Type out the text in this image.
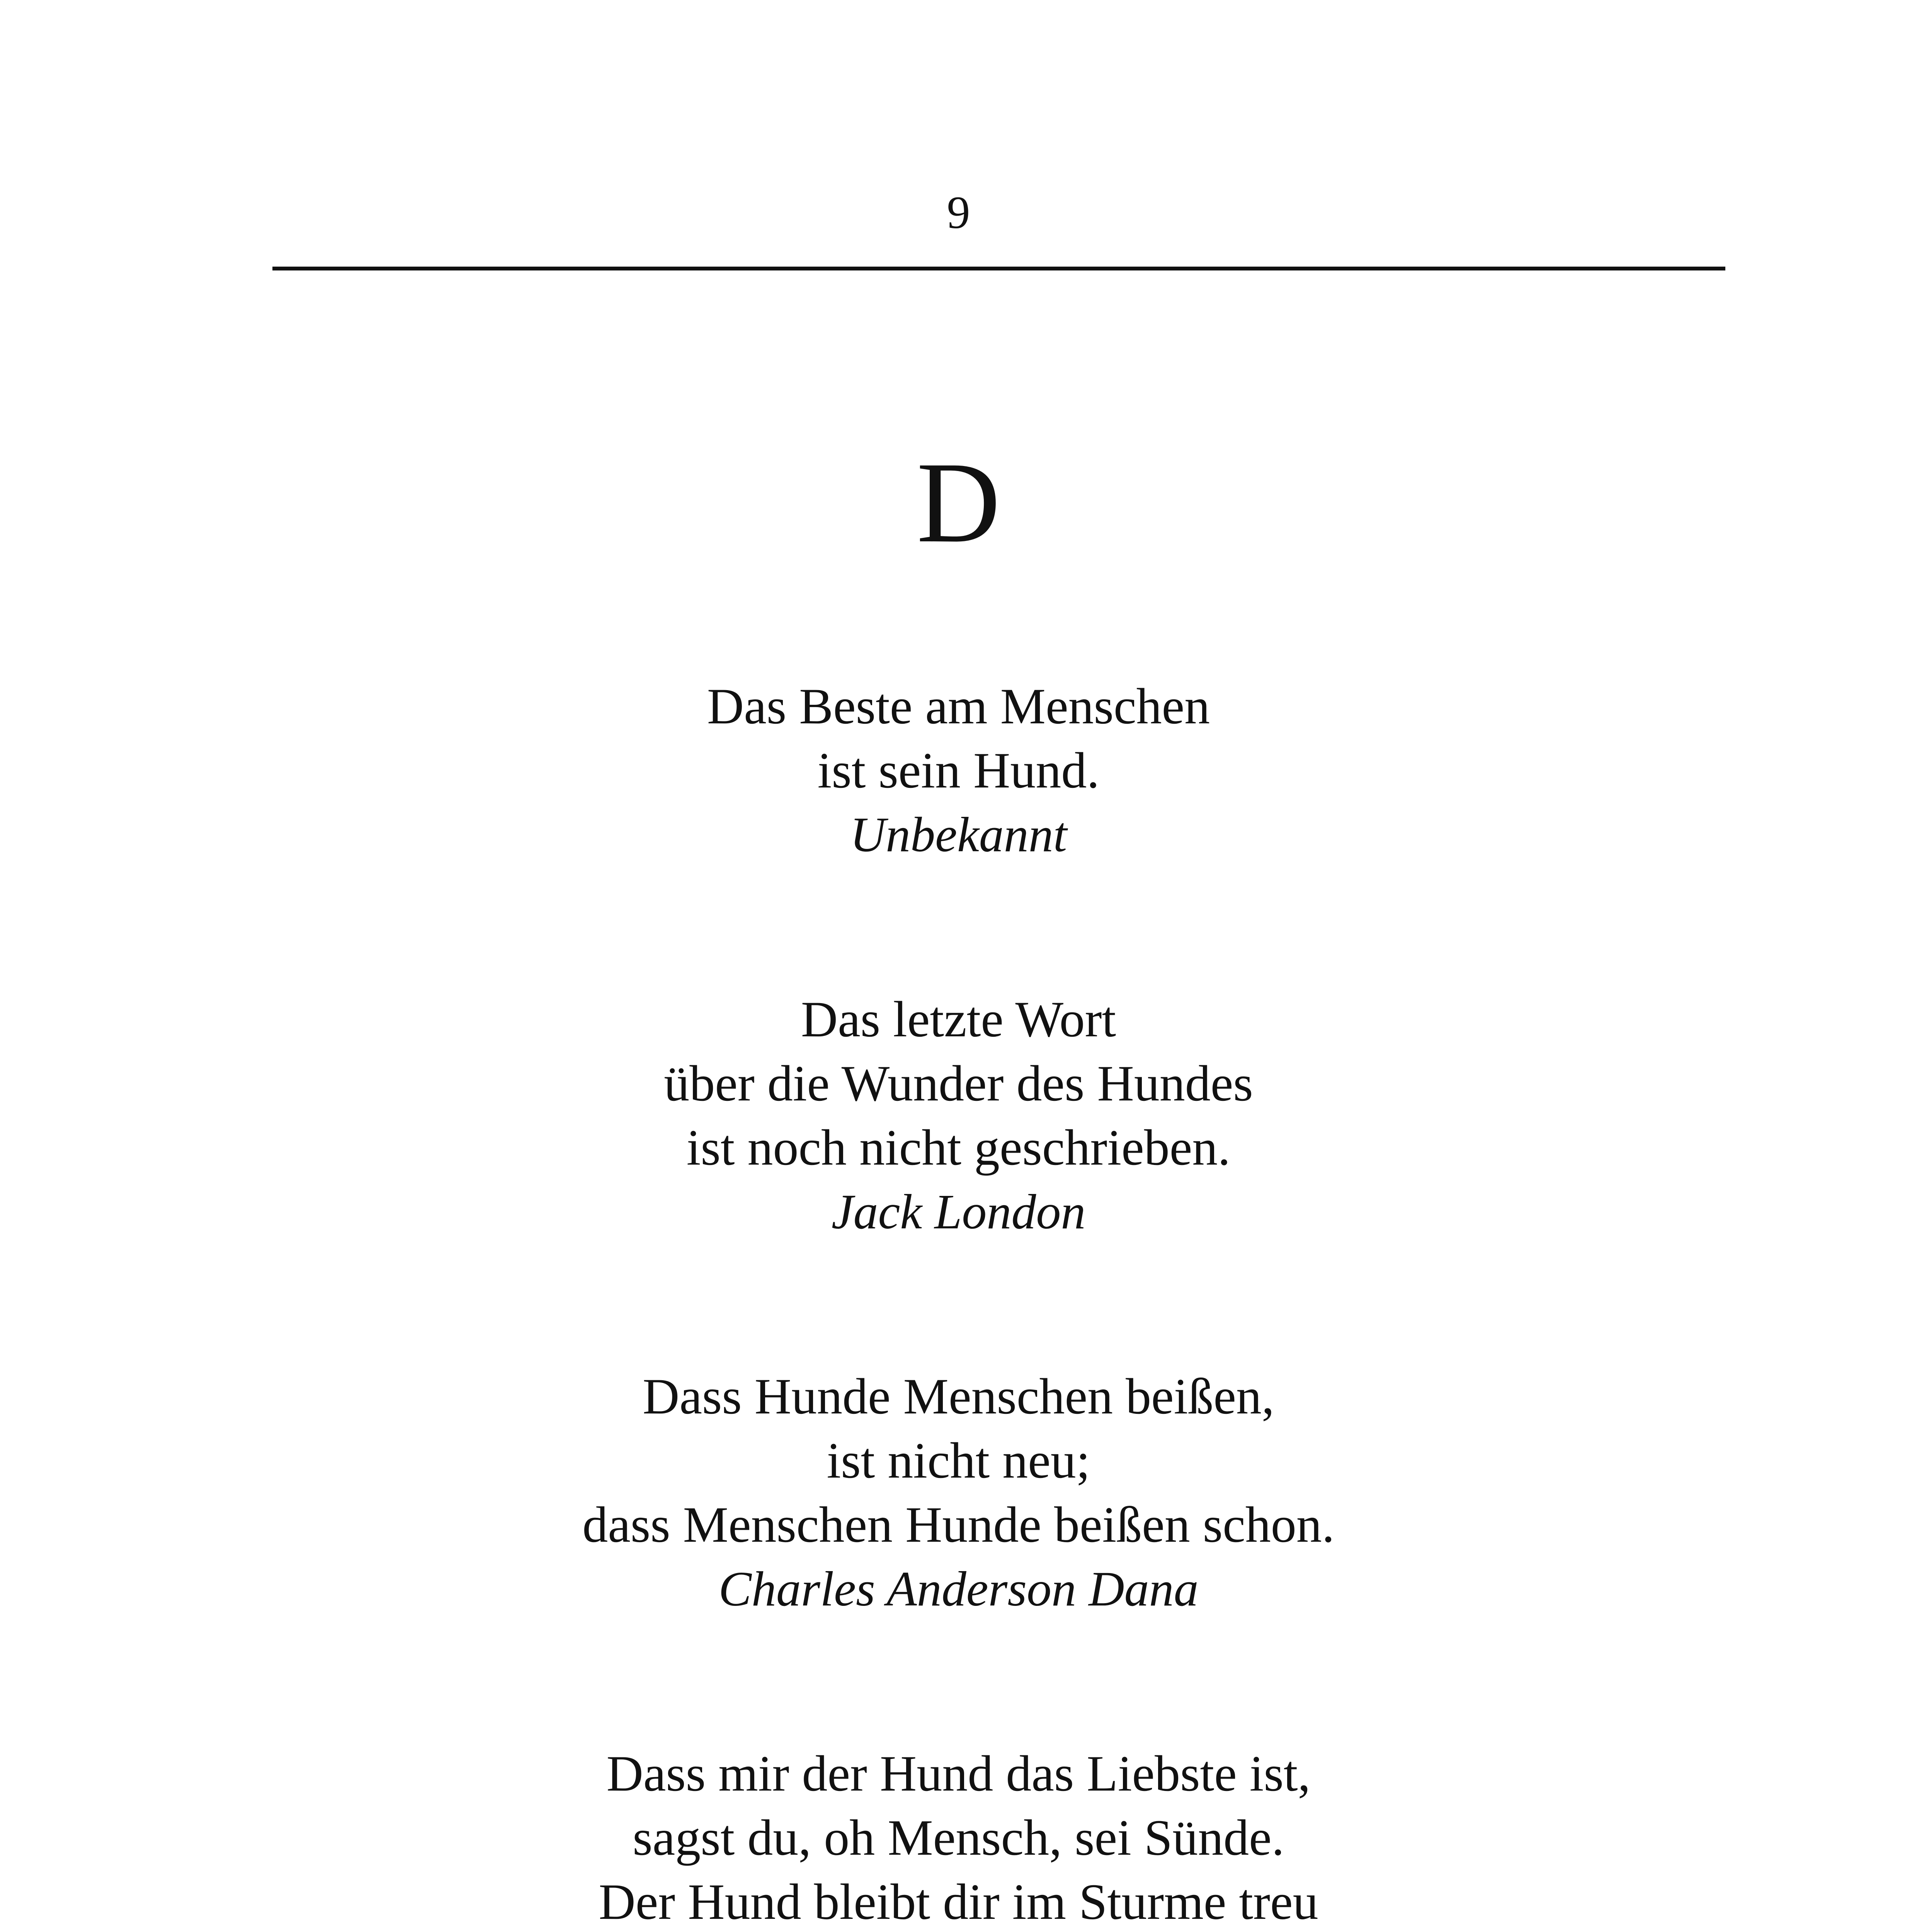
9
D
Das Beste am Menschen
ist sein Hund.
Unbekannt
Das letzte Wort
über die Wunder des Hundes
ist noch nicht geschrieben.
Jack London
Dass Hunde Menschen beißen,
ist nicht neu;
dass Menschen Hunde beißen schon.
Charles Anderson Dana
Dass mir der Hund das Liebste ist,
sagst du, oh Mensch, sei Sünde.
Der Hund bleibt dir im Sturme treu
